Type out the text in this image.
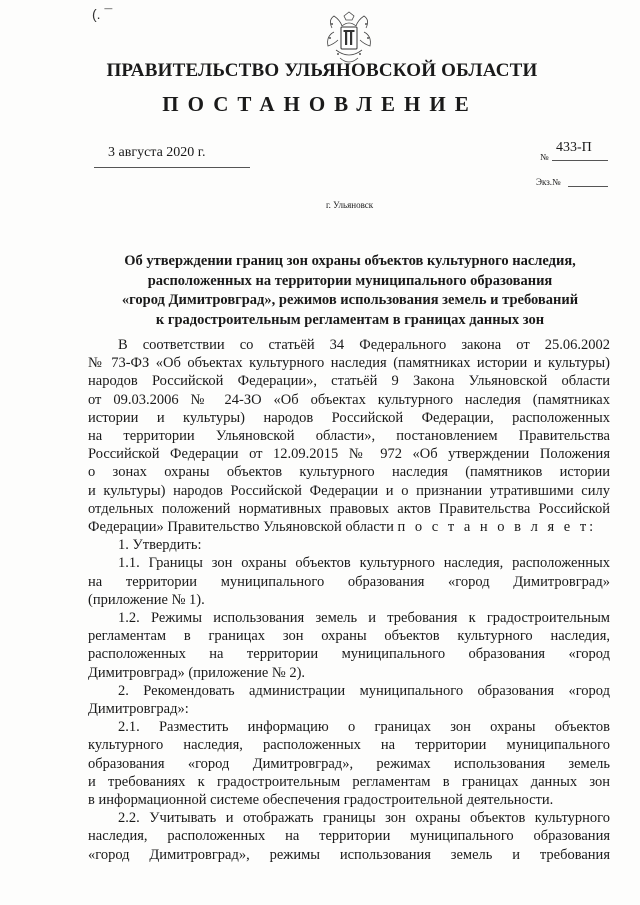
(. ¯
ПРАВИТЕЛЬСТВО УЛЬЯНОВСКОЙ ОБЛАСТИ
ПОСТАНОВЛЕНИЕ
3 августа 2020 г.	433-П
№
Экз.№
г. Ульяновск
Об утверждении границ зон охраны объектов культурного наследия,
расположенных на территории муниципального образования
«город Димитровград», режимов использования земель и требований
к градостроительным регламентам в границах данных зон
В соответствии со статьёй 34 Федерального закона от 25.06.2002
№ 73-ФЗ «Об объектах культурного наследия (памятниках истории и культуры)
народов Российской Федерации», статьёй 9 Закона Ульяновской области
от 09.03.2006 № 24-ЗО «Об объектах культурного наследия (памятниках
истории и культуры) народов Российской Федерации, расположенных
на территории Ульяновской области», постановлением Правительства
Российской Федерации от 12.09.2015 № 972 «Об утверждении Положения
о зонах охраны объектов культурного наследия (памятников истории
и культуры) народов Российской Федерации и о признании утратившими силу
отдельных положений нормативных правовых актов Правительства Российской
Федерации» Правительство Ульяновской области п о с т а н о в л я е т:
1. Утвердить:
1.1. Границы зон охраны объектов культурного наследия, расположенных
на территории муниципального образования «город Димитровград»
(приложение № 1).
1.2. Режимы использования земель и требования к градостроительным
регламентам в границах зон охраны объектов культурного наследия,
расположенных на территории муниципального образования «город
Димитровград» (приложение № 2).
2. Рекомендовать администрации муниципального образования «город
Димитровград»:
2.1. Разместить информацию о границах зон охраны объектов
культурного наследия, расположенных на территории муниципального
образования «город Димитровград», режимах использования земель
и требованиях к градостроительным регламентам в границах данных зон
в информационной системе обеспечения градостроительной деятельности.
2.2. Учитывать и отображать границы зон охраны объектов культурного
наследия, расположенных на территории муниципального образования
«город Димитровград», режимы использования земель и требования
